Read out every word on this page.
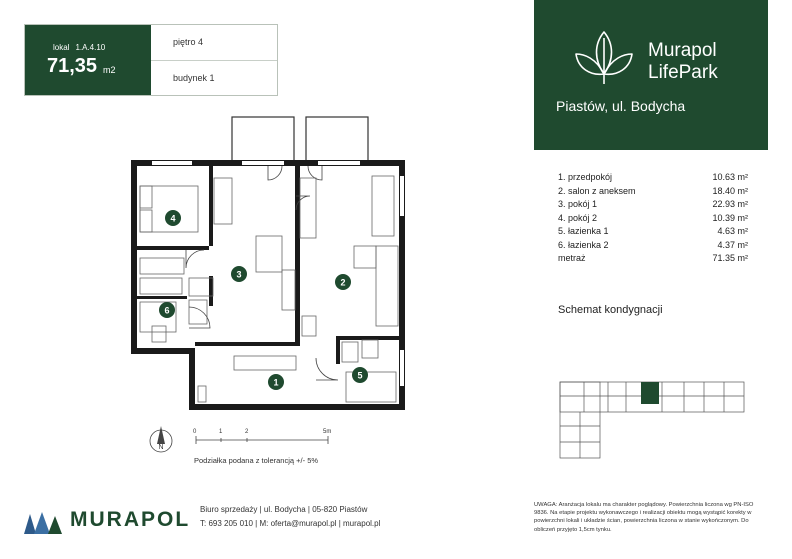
lokal 1.A.4.10
71,35 m2
piętro 4
budynek 1
Murapol
LifePark
Piastów, ul. Bodycha
1. przedpokój	10.63 m²
2. salon z aneksem	18.40 m²
3. pokój 1	22.93 m²
4. pokój 2	10.39 m²
5. łazienka 1	4.63 m²
6. łazienka 2	4.37 m²
metraż	71.35 m²
4
3
2
6
5
1
N
0	1	2	5m
Podziałka podana z tolerancją +/- 5%
Schemat kondygnacji
MURAPOL Biuro sprzedaży | ul. Bodycha | 05-820 Piastów
T: 693 205 010 | M: oferta@murapol.pl | murapol.pl
UWAGA: Aranżacja lokalu ma charakter poglądowy. Powierzchnia liczona wg PN-ISO 9836. Na etapie projektu wykonawczego i realizacji obiektu mogą wystąpić korekty w powierzchni lokali i układzie ścian, powierzchnia liczona w stanie wykończonym. Do obliczeń przyjęto 1,5cm tynku.
